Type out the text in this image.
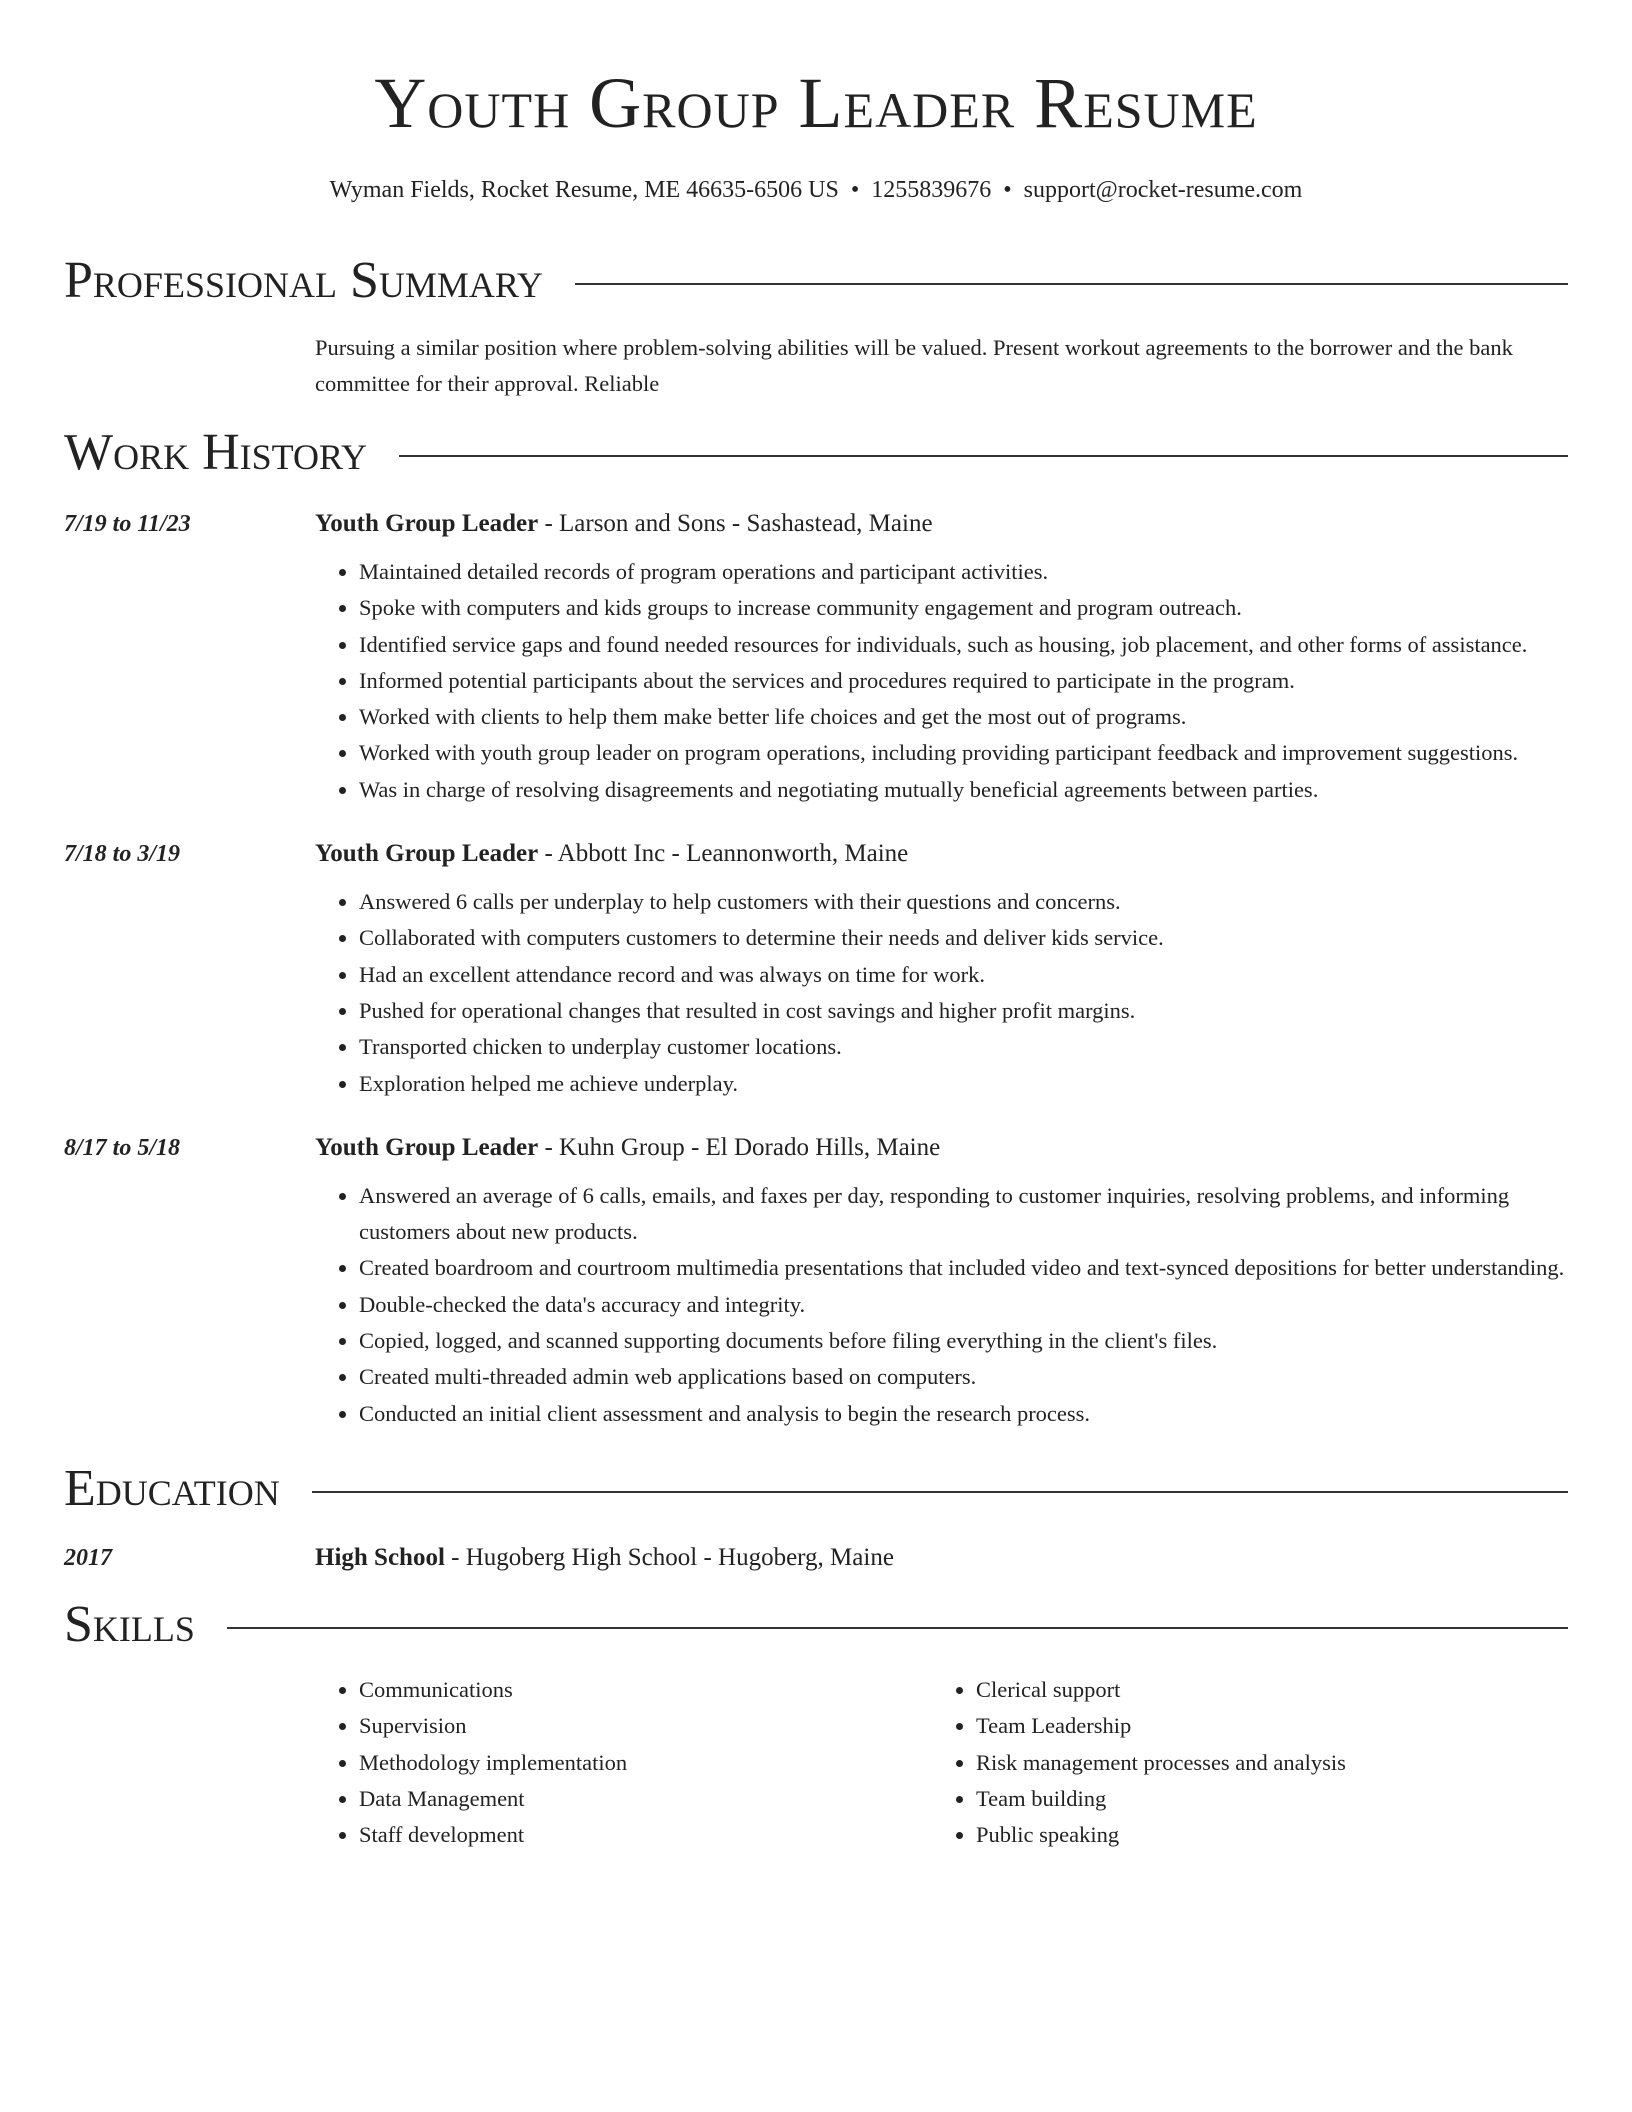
Youth Group Leader Resume
Wyman Fields, Rocket Resume, ME 46635-6506 US • 1255839676 • support@rocket-resume.com
Professional Summary
Pursuing a similar position where problem-solving abilities will be valued. Present workout agreements to the borrower and the bank committee for their approval. Reliable
Work History
7/19 to 11/23	Youth Group Leader - Larson and Sons - Sashastead, Maine
• Maintained detailed records of program operations and participant activities.
• Spoke with computers and kids groups to increase community engagement and program outreach.
• Identified service gaps and found needed resources for individuals, such as housing, job placement, and other forms of assistance.
• Informed potential participants about the services and procedures required to participate in the program.
• Worked with clients to help them make better life choices and get the most out of programs.
• Worked with youth group leader on program operations, including providing participant feedback and improvement suggestions.
• Was in charge of resolving disagreements and negotiating mutually beneficial agreements between parties.
7/18 to 3/19	Youth Group Leader - Abbott Inc - Leannonworth, Maine
• Answered 6 calls per underplay to help customers with their questions and concerns.
• Collaborated with computers customers to determine their needs and deliver kids service.
• Had an excellent attendance record and was always on time for work.
• Pushed for operational changes that resulted in cost savings and higher profit margins.
• Transported chicken to underplay customer locations.
• Exploration helped me achieve underplay.
8/17 to 5/18	Youth Group Leader - Kuhn Group - El Dorado Hills, Maine
• Answered an average of 6 calls, emails, and faxes per day, responding to customer inquiries, resolving problems, and informing customers about new products.
• Created boardroom and courtroom multimedia presentations that included video and text-synced depositions for better understanding.
• Double-checked the data's accuracy and integrity.
• Copied, logged, and scanned supporting documents before filing everything in the client's files.
• Created multi-threaded admin web applications based on computers.
• Conducted an initial client assessment and analysis to begin the research process.
Education
2017	High School - Hugoberg High School - Hugoberg, Maine
Skills
• Communications
• Supervision
• Methodology implementation
• Data Management
• Staff development
• Clerical support
• Team Leadership
• Risk management processes and analysis
• Team building
• Public speaking
